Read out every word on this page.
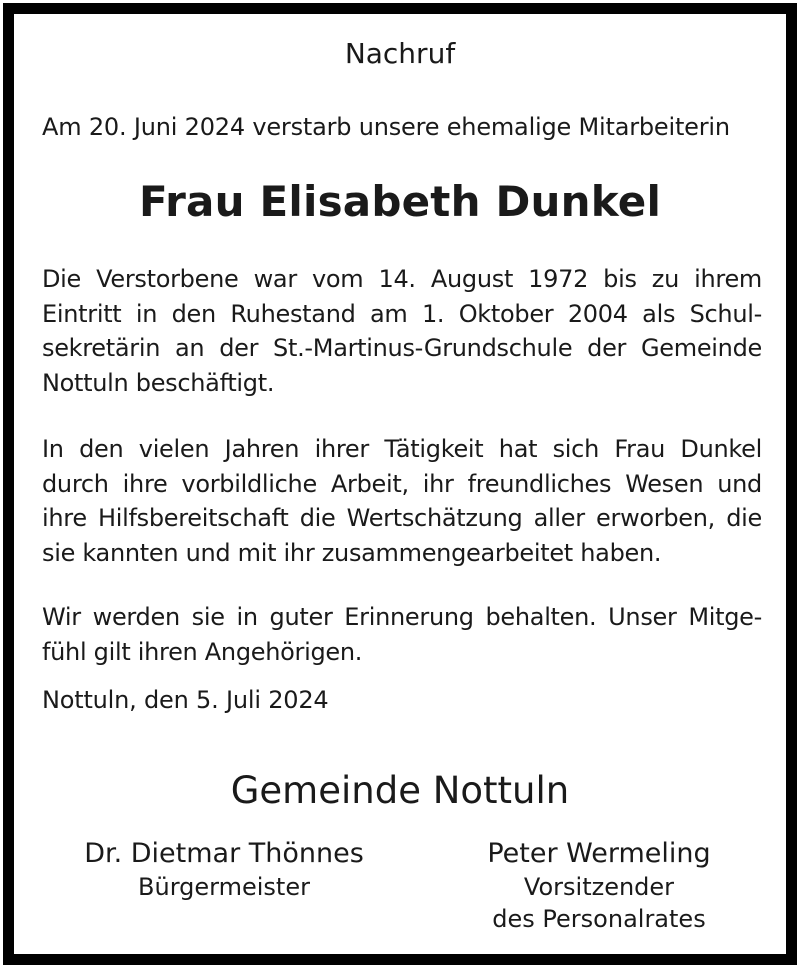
Nachruf
Am 20. Juni 2024 verstarb unsere ehemalige Mitarbeiterin
Frau Elisabeth Dunkel
Die Verstorbene war vom 14. August 1972 bis zu ihrem
Eintritt in den Ruhestand am 1. Oktober 2004 als Schul-
sekretärin an der St.-Martinus-Grundschule der Gemeinde
Nottuln beschäftigt.
In den vielen Jahren ihrer Tätigkeit hat sich Frau Dunkel
durch ihre vorbildliche Arbeit, ihr freundliches Wesen und
ihre Hilfsbereitschaft die Wertschätzung aller erworben, die
sie kannten und mit ihr zusammengearbeitet haben.
Wir werden sie in guter Erinnerung behalten. Unser Mitge-
fühl gilt ihren Angehörigen.
Nottuln, den 5. Juli 2024
Gemeinde Nottuln
Dr. Dietmar Thönnes
Bürgermeister
Peter Wermeling
Vorsitzender
des Personalrates
